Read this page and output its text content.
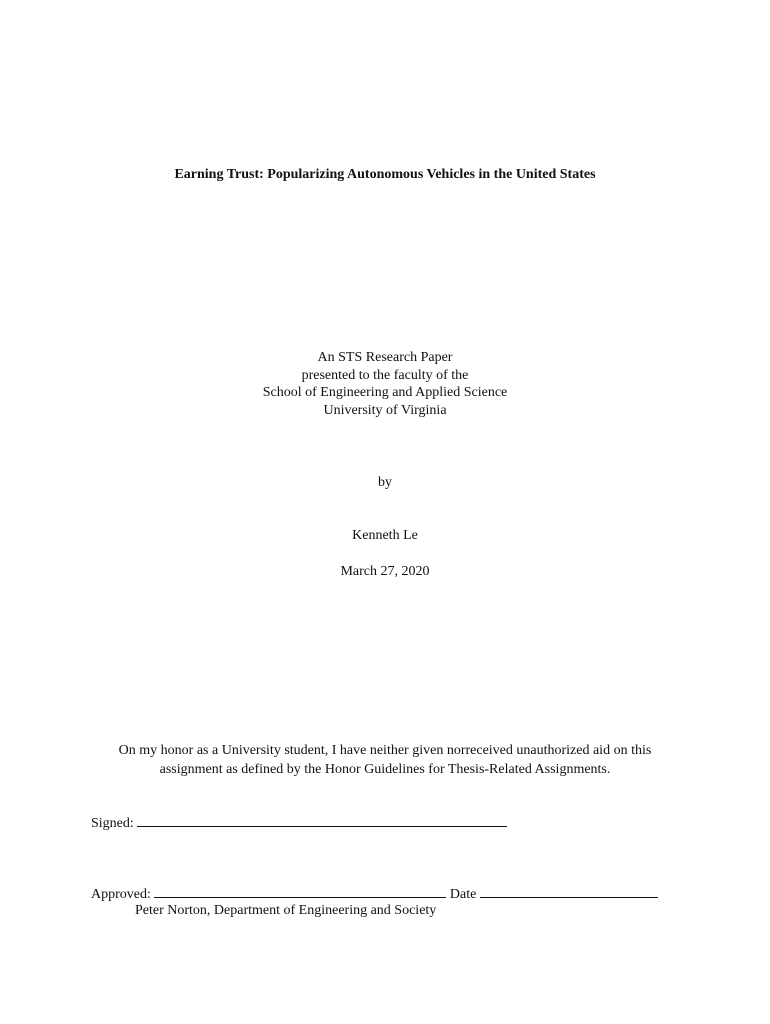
Earning Trust: Popularizing Autonomous Vehicles in the United States
An STS Research Paper
presented to the faculty of the
School of Engineering and Applied Science
University of Virginia
by
Kenneth Le
March 27, 2020
On my honor as a University student, I have neither given norreceived unauthorized aid on this
assignment as defined by the Honor Guidelines for Thesis-Related Assignments.
Signed:
Approved:	Date
Peter Norton, Department of Engineering and Society
